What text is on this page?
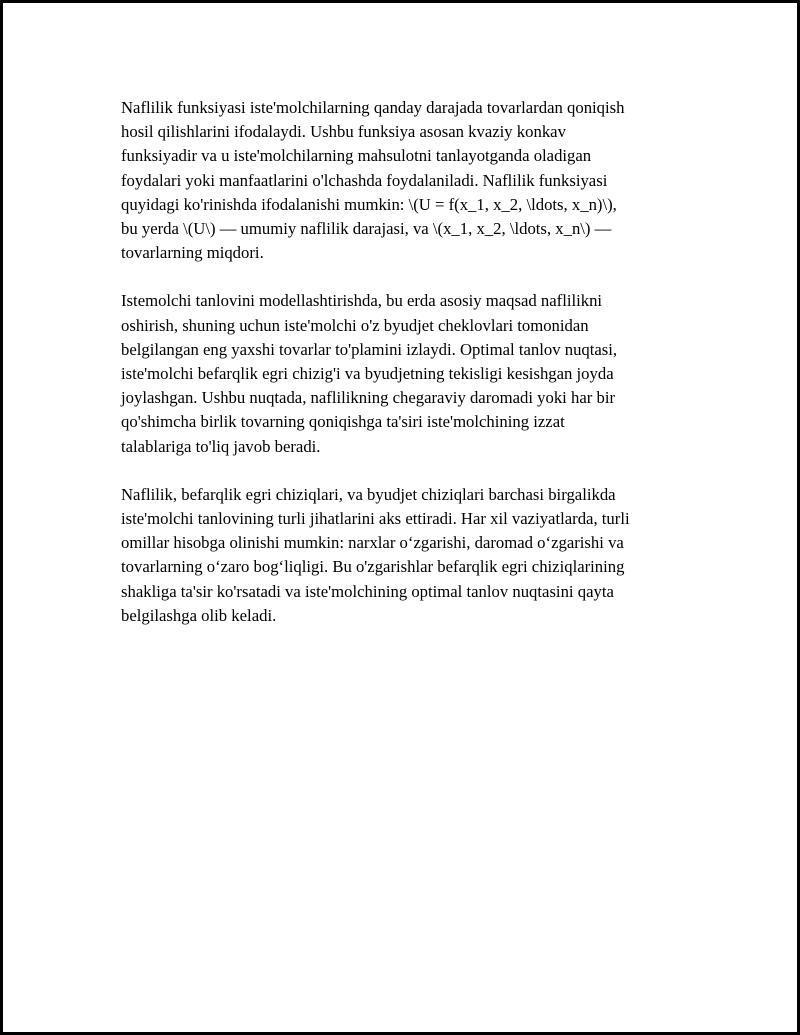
Naflilik funksiyasi iste'molchilarning qanday darajada tovarlardan qoniqish
hosil qilishlarini ifodalaydi. Ushbu funksiya asosan kvaziy konkav
funksiyadir va u iste'molchilarning mahsulotni tanlayotganda oladigan
foydalari yoki manfaatlarini o'lchashda foydalaniladi. Naflilik funksiyasi
quyidagi ko'rinishda ifodalanishi mumkin: \(U = f(x_1, x_2, \ldots, x_n)\),
bu yerda \(U\) — umumiy naflilik darajasi, va \(x_1, x_2, \ldots, x_n\) —
tovarlarning miqdori.

Istemolchi tanlovini modellashtirishda, bu erda asosiy maqsad naflilikni
oshirish, shuning uchun iste'molchi o'z byudjet cheklovlari tomonidan
belgilangan eng yaxshi tovarlar to'plamini izlaydi. Optimal tanlov nuqtasi,
iste'molchi befarqlik egri chizig'i va byudjetning tekisligi kesishgan joyda
joylashgan. Ushbu nuqtada, naflilikning chegaraviy daromadi yoki har bir
qo'shimcha birlik tovarning qoniqishga ta'siri iste'molchining izzat
talablariga to'liq javob beradi.

Naflilik, befarqlik egri chiziqlari, va byudjet chiziqlari barchasi birgalikda
iste'molchi tanlovining turli jihatlarini aks ettiradi. Har xil vaziyatlarda, turli
omillar hisobga olinishi mumkin: narxlar o‘zgarishi, daromad o‘zgarishi va
tovarlarning o‘zaro bog‘liqligi. Bu o'zgarishlar befarqlik egri chiziqlarining
shakliga ta'sir ko'rsatadi va iste'molchining optimal tanlov nuqtasini qayta
belgilashga olib keladi.
